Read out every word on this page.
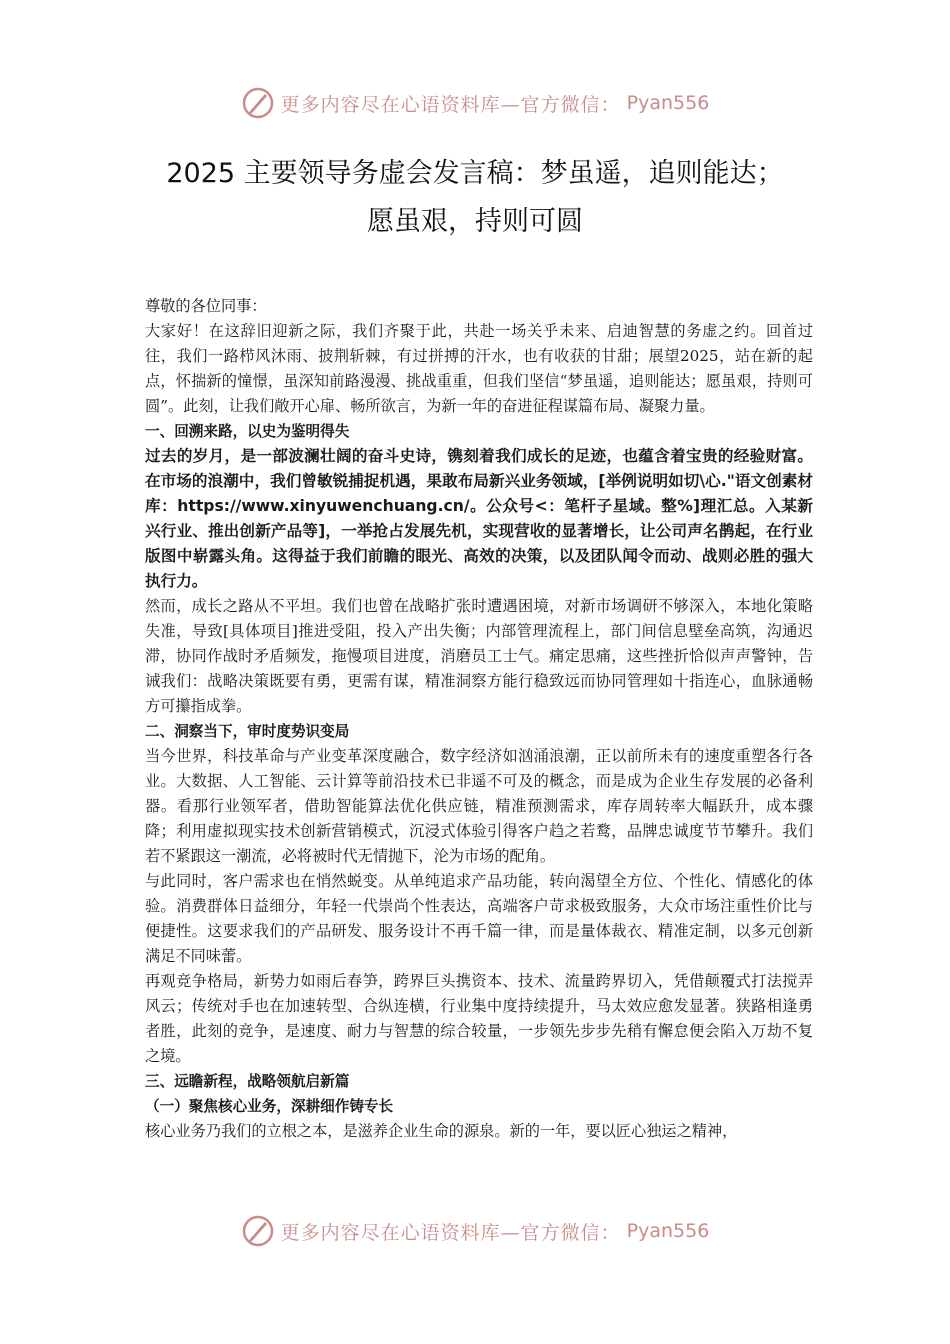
更多内容尽在心语资料库—官方微信： Pyan556
2025 主要领导务虚会发言稿：梦虽遥，追则能达；
愿虽艰，持则可圆

尊敬的各位同事：

大家好！在这辞旧迎新之际，我们齐聚于此，共赴一场关乎未来、启迪智慧的务虚之约。回首过往，我们一路栉风沐雨、披荆斩棘，有过拼搏的汗水，也有收获的甘甜；展望2025，站在新的起点，怀揣新的憧憬，虽深知前路漫漫、挑战重重，但我们坚信“梦虽遥，追则能达；愿虽艰，持则可圆”。此刻，让我们敞开心扉、畅所欲言，为新一年的奋进征程谋篇布局、凝聚力量。

一、回溯来路，以史为鉴明得失

过去的岁月，是一部波澜壮阔的奋斗史诗，镌刻着我们成长的足迹，也蕴含着宝贵的经验财富。在市场的浪潮中，我们曾敏锐捕捉机遇，果敢布局新兴业务领域，[举例说明如切\心."语文创素材库：https://www.xinyuwenchuang.cn/。公众号<：笔杆子星域。整%]理汇总。入某新兴行业、推出创新产品等]，一举抢占发展先机，实现营收的显著增长，让公司声名鹊起，在行业版图中崭露头角。这得益于我们前瞻的眼光、高效的决策，以及团队闻令而动、战则必胜的强大执行力。

然而，成长之路从不平坦。我们也曾在战略扩张时遭遇困境，对新市场调研不够深入，本地化策略失准，导致[具体项目]推进受阻，投入产出失衡；内部管理流程上，部门间信息壁垒高筑，沟通迟滞，协同作战时矛盾频发，拖慢项目进度，消磨员工士气。痛定思痛，这些挫折恰似声声警钟，告诫我们：战略决策既要有勇，更需有谋，精准洞察方能行稳致远而协同管理如十指连心，血脉通畅方可攥指成拳。

二、洞察当下，审时度势识变局

当今世界，科技革命与产业变革深度融合，数字经济如汹涌浪潮，正以前所未有的速度重塑各行各业。大数据、人工智能、云计算等前沿技术已非遥不可及的概念，而是成为企业生存发展的必备利器。看那行业领军者，借助智能算法优化供应链，精准预测需求，库存周转率大幅跃升，成本骤降；利用虚拟现实技术创新营销模式，沉浸式体验引得客户趋之若鹜，品牌忠诚度节节攀升。我们若不紧跟这一潮流，必将被时代无情抛下，沦为市场的配角。

与此同时，客户需求也在悄然蜕变。从单纯追求产品功能，转向渴望全方位、个性化、情感化的体验。消费群体日益细分，年轻一代崇尚个性表达，高端客户苛求极致服务，大众市场注重性价比与便捷性。这要求我们的产品研发、服务设计不再千篇一律，而是量体裁衣、精准定制，以多元创新满足不同味蕾。

再观竞争格局，新势力如雨后春笋，跨界巨头携资本、技术、流量跨界切入，凭借颠覆式打法搅弄风云；传统对手也在加速转型、合纵连横，行业集中度持续提升，马太效应愈发显著。狭路相逢勇者胜，此刻的竞争，是速度、耐力与智慧的综合较量，一步领先步步先稍有懈怠便会陷入万劫不复之境。

三、远瞻新程，战略领航启新篇

（一）聚焦核心业务，深耕细作铸专长

核心业务乃我们的立根之本，是滋养企业生命的源泉。新的一年，要以匠心独运之精神，

更多内容尽在心语资料库—官方微信： Pyan556
